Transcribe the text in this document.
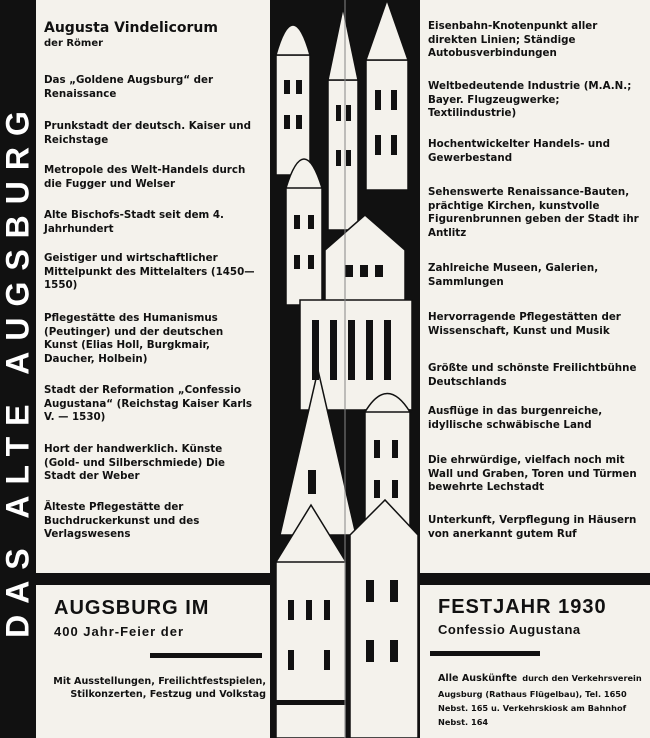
DAS ALTE AUGSBURG
Augusta Vindelicorum
der Römer
Das „Goldene Augsburg“ der Renaissance
Prunkstadt der deutsch. Kaiser und Reichstage
Metropole des Welt-Handels durch die Fugger und Welser
Alte Bischofs-Stadt seit dem 4. Jahrhundert
Geistiger und wirtschaftlicher Mittelpunkt des Mittelalters (1450—1550)
Pflegestätte des Humanismus (Peutinger) und der deutschen Kunst (Elias Holl, Burgkmair, Daucher, Holbein)
Stadt der Reformation „Confessio Augustana“ (Reichstag Kaiser Karls V. — 1530)
Hort der handwerklich. Künste (Gold- und Silberschmiede) Die Stadt der Weber
Älteste Pflegestätte der Buchdruckerkunst und des Verlagswesens
Eisenbahn-Knotenpunkt aller direkten Linien; Ständige Autobusverbindungen
Weltbedeutende Industrie (M.A.N.; Bayer. Flugzeugwerke; Textilindustrie)
Hochentwickelter Handels- und Gewerbestand
Sehenswerte Renaissance-Bauten, prächtige Kirchen, kunstvolle Figurenbrunnen geben der Stadt ihr Antlitz
Zahlreiche Museen, Galerien, Sammlungen
Hervorragende Pflegestätten der Wissenschaft, Kunst und Musik
Größte und schönste Freilichtbühne Deutschlands
Ausflüge in das burgenreiche, idyllische schwäbische Land
Die ehrwürdige, vielfach noch mit Wall und Graben, Toren und Türmen bewehrte Lechstadt
Unterkunft, Verpflegung in Häusern von anerkannt gutem Ruf
AUGSBURG IM
400 Jahr-Feier der
Mit Ausstellungen, Freilichtfestspielen, Stilkonzerten, Festzug und Volkstag
FESTJAHR 1930
Confessio Augustana
Alle Auskünfte durch den Verkehrsverein Augsburg (Rathaus Flügelbau), Tel. 1650 Nebst. 165 u. Verkehrskiosk am Bahnhof Nebst. 164
